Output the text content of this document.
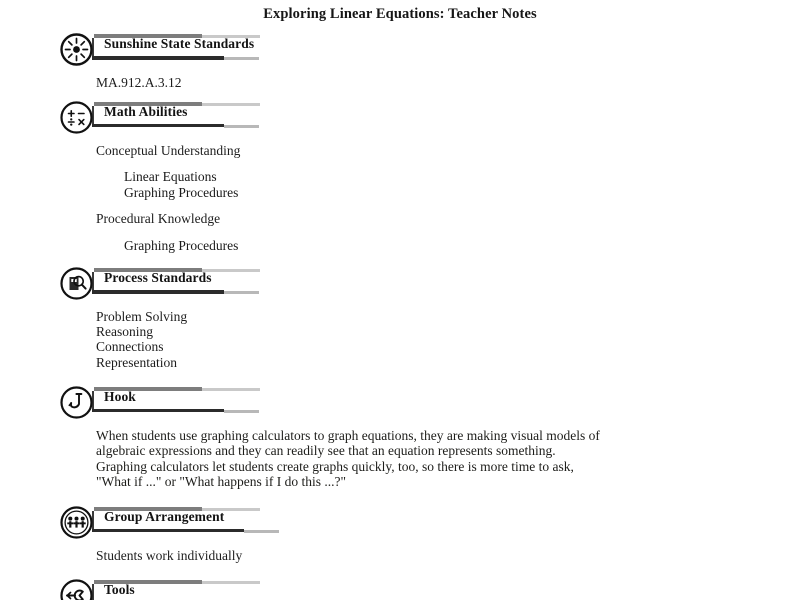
Exploring Linear Equations: Teacher Notes
Sunshine State Standards
MA.912.A.3.12
Math Abilities
Conceptual Understanding
Linear Equations
Graphing Procedures
Procedural Knowledge
Graphing Procedures
Process Standards
Problem Solving
Reasoning
Connections
Representation
Hook
When students use graphing calculators to graph equations, they are making visual models of
algebraic expressions and they can readily see that an equation represents something.
Graphing calculators let students create graphs quickly, too, so there is more time to ask,
"What if ..." or "What happens if I do this ...?"
Group Arrangement
Students work individually
Tools
